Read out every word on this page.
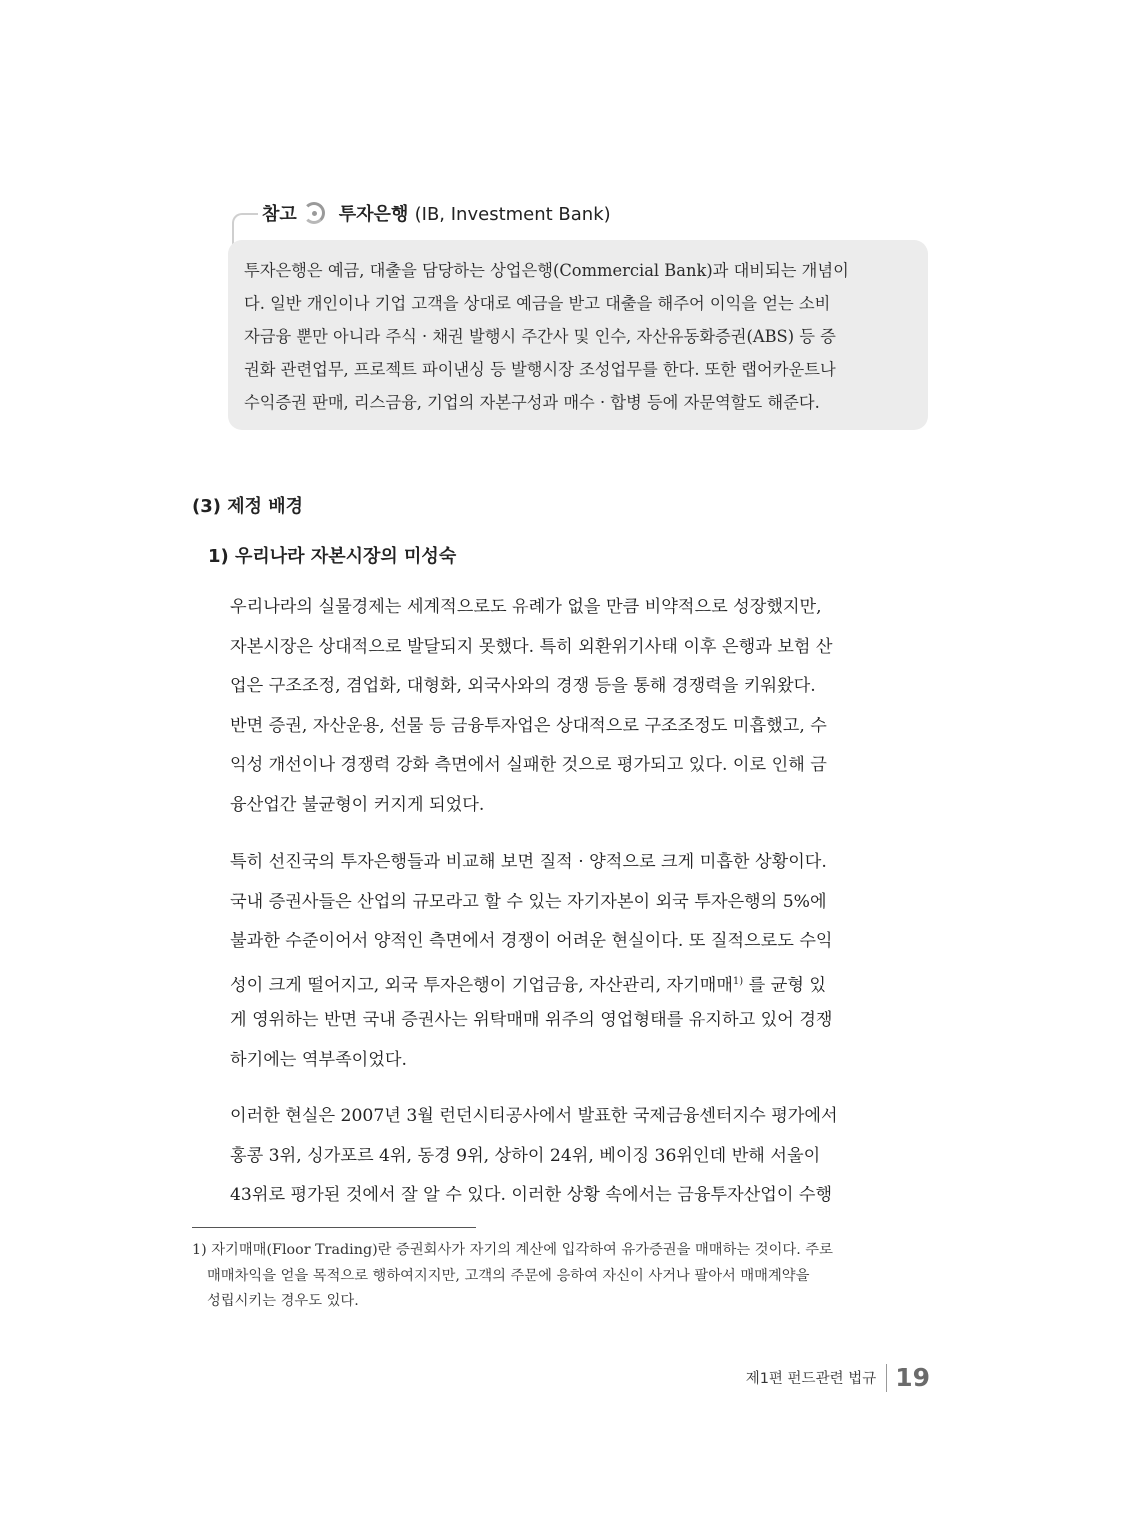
참고 투자은행 (IB, Investment Bank)
투자은행은 예금, 대출을 담당하는 상업은행(Commercial Bank)과 대비되는 개념이
다. 일반 개인이나 기업 고객을 상대로 예금을 받고 대출을 해주어 이익을 얻는 소비
자금융 뿐만 아니라 주식 · 채권 발행시 주간사 및 인수, 자산유동화증권(ABS) 등 증
권화 관련업무, 프로젝트 파이낸싱 등 발행시장 조성업무를 한다. 또한 랩어카운트나
수익증권 판매, 리스금융, 기업의 자본구성과 매수 · 합병 등에 자문역할도 해준다.
(3) 제정 배경
1) 우리나라 자본시장의 미성숙
우리나라의 실물경제는 세계적으로도 유례가 없을 만큼 비약적으로 성장했지만,
자본시장은 상대적으로 발달되지 못했다. 특히 외환위기사태 이후 은행과 보험 산
업은 구조조정, 겸업화, 대형화, 외국사와의 경쟁 등을 통해 경쟁력을 키워왔다.
반면 증권, 자산운용, 선물 등 금융투자업은 상대적으로 구조조정도 미흡했고, 수
익성 개선이나 경쟁력 강화 측면에서 실패한 것으로 평가되고 있다. 이로 인해 금
융산업간 불균형이 커지게 되었다.
특히 선진국의 투자은행들과 비교해 보면 질적 · 양적으로 크게 미흡한 상황이다.
국내 증권사들은 산업의 규모라고 할 수 있는 자기자본이 외국 투자은행의 5%에
불과한 수준이어서 양적인 측면에서 경쟁이 어려운 현실이다. 또 질적으로도 수익
성이 크게 떨어지고, 외국 투자은행이 기업금융, 자산관리, 자기매매$^{1)}$ 를 균형 있
게 영위하는 반면 국내 증권사는 위탁매매 위주의 영업형태를 유지하고 있어 경쟁
하기에는 역부족이었다.
이러한 현실은 2007년 3월 런던시티공사에서 발표한 국제금융센터지수 평가에서
홍콩 3위, 싱가포르 4위, 동경 9위, 상하이 24위, 베이징 36위인데 반해 서울이
43위로 평가된 것에서 잘 알 수 있다. 이러한 상황 속에서는 금융투자산업이 수행
1) 자기매매(Floor Trading)란 증권회사가 자기의 계산에 입각하여 유가증권을 매매하는 것이다. 주로
매매차익을 얻을 목적으로 행하여지지만, 고객의 주문에 응하여 자신이 사거나 팔아서 매매계약을
성립시키는 경우도 있다.
제1편 펀드관련 법규 19
